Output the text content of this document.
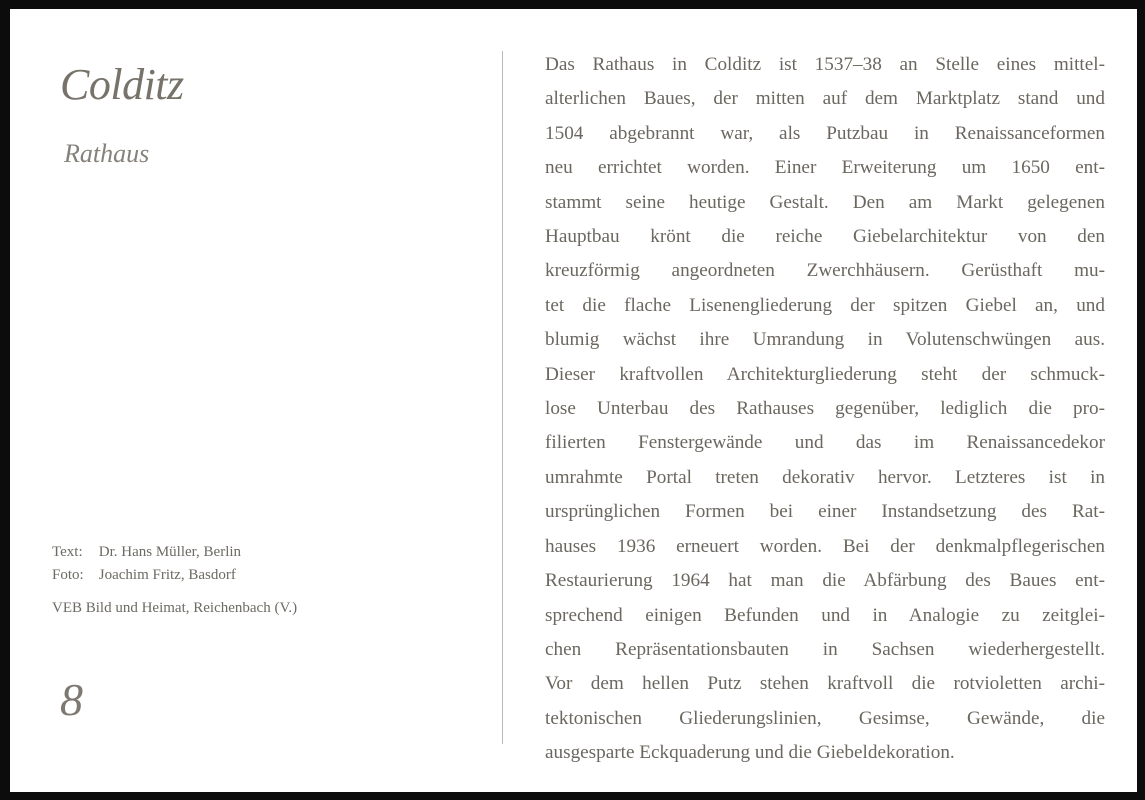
Colditz
Rathaus
Text: Dr. Hans Müller, Berlin
Foto: Joachim Fritz, Basdorf
VEB Bild und Heimat, Reichenbach (V.)
8
Das Rathaus in Colditz ist 1537–38 an Stelle eines mittel-
alterlichen Baues, der mitten auf dem Marktplatz stand und
1504 abgebrannt war, als Putzbau in Renaissanceformen
neu errichtet worden. Einer Erweiterung um 1650 ent-
stammt seine heutige Gestalt. Den am Markt gelegenen
Hauptbau krönt die reiche Giebelarchitektur von den
kreuzförmig angeordneten Zwerchhäusern. Gerüsthaft mu-
tet die flache Lisenengliederung der spitzen Giebel an, und
blumig wächst ihre Umrandung in Volutenschwüngen aus.
Dieser kraftvollen Architekturgliederung steht der schmuck-
lose Unterbau des Rathauses gegenüber, lediglich die pro-
filierten Fenstergewände und das im Renaissancedekor
umrahmte Portal treten dekorativ hervor. Letzteres ist in
ursprünglichen Formen bei einer Instandsetzung des Rat-
hauses 1936 erneuert worden. Bei der denkmalpflegerischen
Restaurierung 1964 hat man die Abfärbung des Baues ent-
sprechend einigen Befunden und in Analogie zu zeitglei-
chen Repräsentationsbauten in Sachsen wiederhergestellt.
Vor dem hellen Putz stehen kraftvoll die rotvioletten archi-
tektonischen Gliederungslinien, Gesimse, Gewände, die
ausgesparte Eckquaderung und die Giebeldekoration.
